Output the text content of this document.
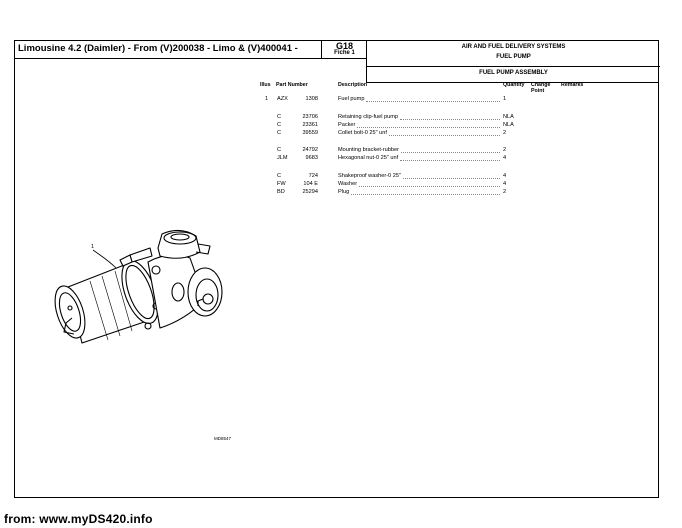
Limousine 4.2 (Daimler) - From (V)200038 - Limo & (V)400041 -	G18
Fiche 1
AIR AND FUEL DELIVERY SYSTEMS
FUEL PUMP
FUEL PUMP ASSEMBLY
Illus Part Number	Description	Quantity Change Point
Remarks
1 AZX	1308	Fuel pump	1
C	23706	Retaining clip-fuel pump	NLA
C	23361	Packer	NLA
C	39559	Collet bolt-0 25" unf	2
C	24792	Mounting bracket-rubber	2
JLM	9683	Hexagonal nut-0 25" unf	4
C	724	Shakeproof washer-0 25"	4
FW	104 E	Washer	4
BD	25294	Plug	2
1
MD8547
from: www.myDS420.info
